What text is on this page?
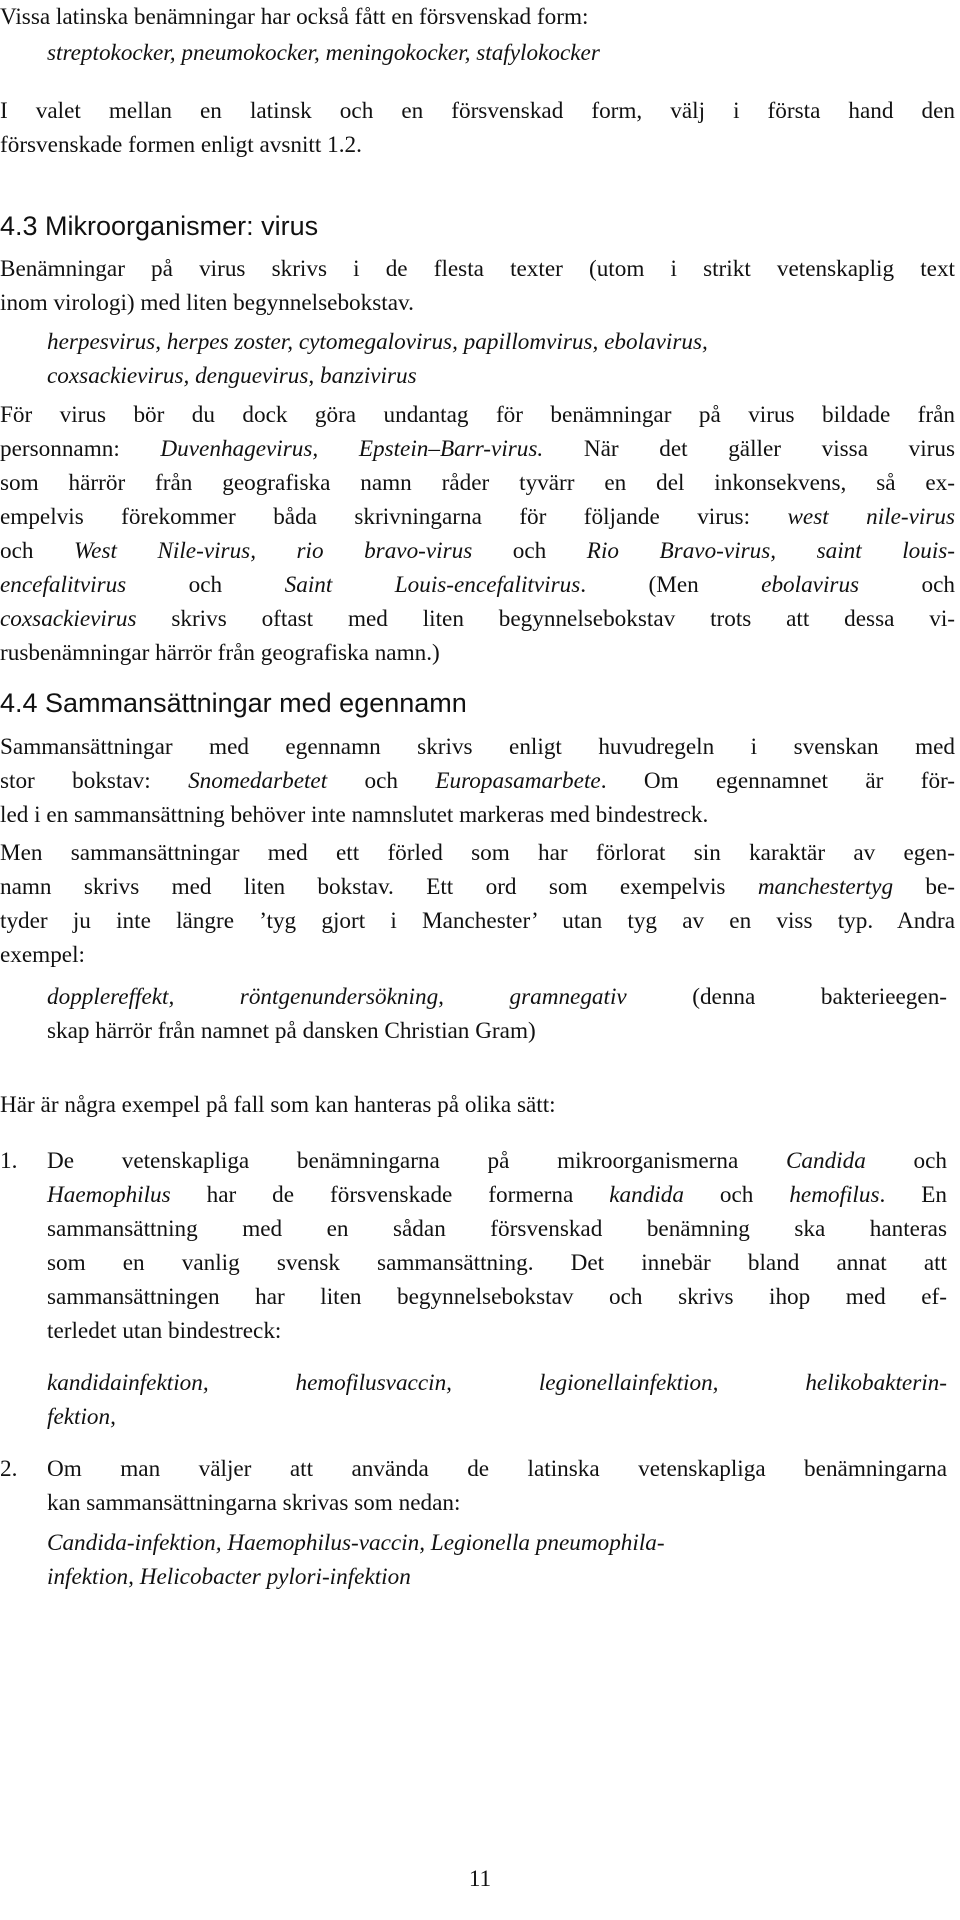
Vissa latinska benämningar har också fått en försvenskad form:
streptokocker, pneumokocker, meningokocker, stafylokocker
I valet mellan en latinsk och en försvenskad form, välj i första hand den
försvenskade formen enligt avsnitt 1.2.
4.3 Mikroorganismer: virus
Benämningar på virus skrivs i de flesta texter (utom i strikt vetenskaplig text
inom virologi) med liten begynnelsebokstav.
herpesvirus, herpes zoster, cytomegalovirus, papillomvirus, ebolavirus,
coxsackievirus, denguevirus, banzivirus
För virus bör du dock göra undantag för benämningar på virus bildade från
personnamn: Duvenhagevirus, Epstein–Barr-virus. När det gäller vissa virus
som härrör från geografiska namn råder tyvärr en del inkonsekvens, så ex-
empelvis förekommer båda skrivningarna för följande virus: west nile-virus
och West Nile-virus, rio bravo-virus och Rio Bravo-virus, saint louis-
encefalitvirus och Saint Louis-encefalitvirus. (Men ebolavirus och
coxsackievirus skrivs oftast med liten begynnelsebokstav trots att dessa vi-
rusbenämningar härrör från geografiska namn.)
4.4 Sammansättningar med egennamn
Sammansättningar med egennamn skrivs enligt huvudregeln i svenskan med
stor bokstav: Snomedarbetet och Europasamarbete. Om egennamnet är för-
led i en sammansättning behöver inte namnslutet markeras med bindestreck.
Men sammansättningar med ett förled som har förlorat sin karaktär av egen-
namn skrivs med liten bokstav. Ett ord som exempelvis manchestertyg be-
tyder ju inte längre ’tyg gjort i Manchester’ utan tyg av en viss typ. Andra
exempel:
dopplereffekt, röntgenundersökning, gramnegativ (denna bakterieegen-
skap härrör från namnet på dansken Christian Gram)
Här är några exempel på fall som kan hanteras på olika sätt:
1. De vetenskapliga benämningarna på mikroorganismerna Candida och
Haemophilus har de försvenskade formerna kandida och hemofilus. En
sammansättning med en sådan försvenskad benämning ska hanteras
som en vanlig svensk sammansättning. Det innebär bland annat att
sammansättningen har liten begynnelsebokstav och skrivs ihop med ef-
terledet utan bindestreck:
kandidainfektion, hemofilusvaccin, legionellainfektion, helikobakterin-
fektion,
2. Om man väljer att använda de latinska vetenskapliga benämningarna
kan sammansättningarna skrivas som nedan:
Candida-infektion, Haemophilus-vaccin, Legionella pneumophila-
infektion, Helicobacter pylori-infektion
11
